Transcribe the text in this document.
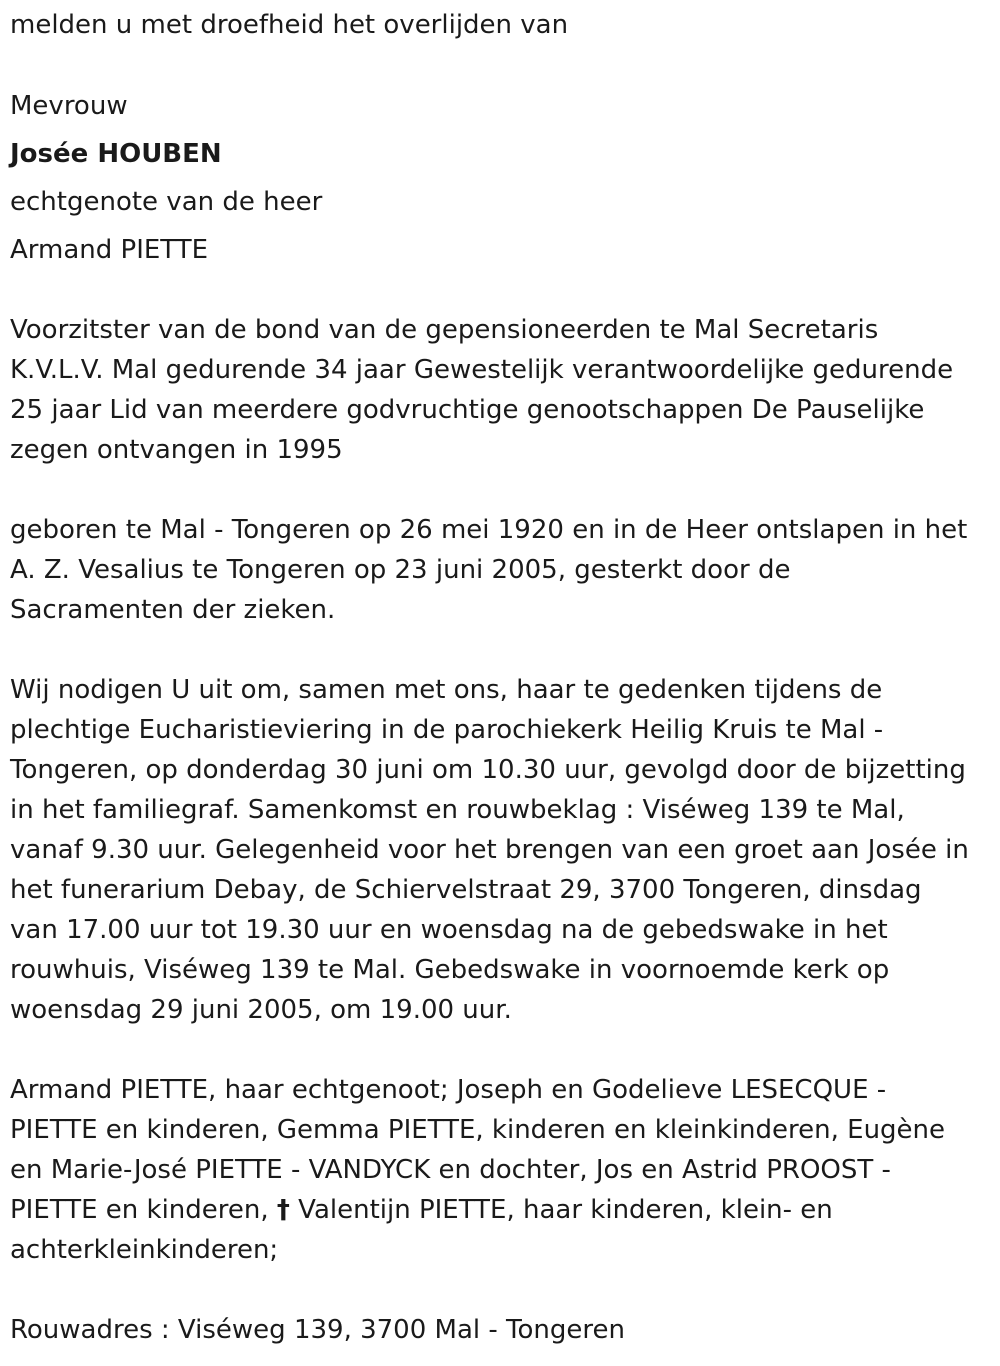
melden u met droefheid het overlijden van

Mevrouw

Josée HOUBEN

echtgenote van de heer

Armand PIETTE

Voorzitster van de bond van de gepensioneerden te Mal Secretaris

K.V.L.V. Mal gedurende 34 jaar Gewestelijk verantwoordelijke gedurende

25 jaar Lid van meerdere godvruchtige genootschappen De Pauselijke

zegen ontvangen in 1995

geboren te Mal - Tongeren op 26 mei 1920 en in de Heer ontslapen in het

A. Z. Vesalius te Tongeren op 23 juni 2005, gesterkt door de

Sacramenten der zieken.

Wij nodigen U uit om, samen met ons, haar te gedenken tijdens de

plechtige Eucharistieviering in de parochiekerk Heilig Kruis te Mal -

Tongeren, op donderdag 30 juni om 10.30 uur, gevolgd door de bijzetting

in het familiegraf. Samenkomst en rouwbeklag : Viséweg 139 te Mal,

vanaf 9.30 uur. Gelegenheid voor het brengen van een groet aan Josée in

het funerarium Debay, de Schiervelstraat 29, 3700 Tongeren, dinsdag

van 17.00 uur tot 19.30 uur en woensdag na de gebedswake in het

rouwhuis, Viséweg 139 te Mal. Gebedswake in voornoemde kerk op

woensdag 29 juni 2005, om 19.00 uur.

Armand PIETTE, haar echtgenoot; Joseph en Godelieve LESECQUE -

PIETTE en kinderen, Gemma PIETTE, kinderen en kleinkinderen, Eugène

en Marie-José PIETTE - VANDYCK en dochter, Jos en Astrid PROOST -

PIETTE en kinderen, † Valentijn PIETTE, haar kinderen, klein- en

achterkleinkinderen;

Rouwadres : Viséweg 139, 3700 Mal - Tongeren
